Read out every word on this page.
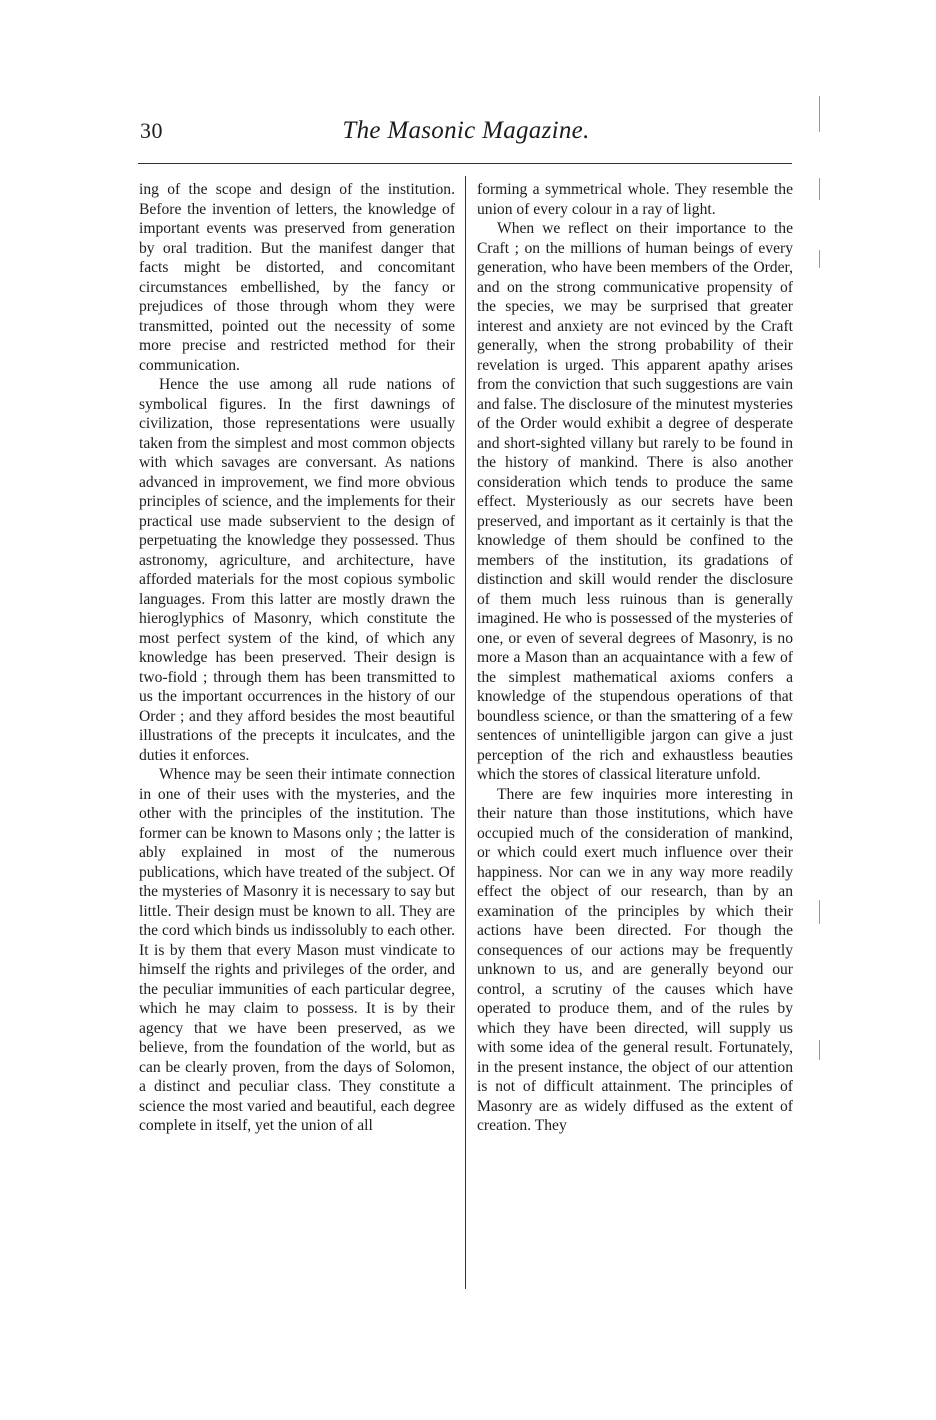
30	The Masonic Magazine.

ing of the scope and design of the institution. Before the invention of letters, the knowledge of important events was preserved from generation by oral tradition. But the manifest danger that facts might be distorted, and concomitant circumstances embellished, by the fancy or prejudices of those through whom they were transmitted, pointed out the necessity of some more precise and restricted method for their communication.

Hence the use among all rude nations of symbolical figures. In the first dawnings of civilization, those representations were usually taken from the simplest and most common objects with which savages are conversant. As nations advanced in improvement, we find more obvious principles of science, and the implements for their practical use made subservient to the design of perpetuating the knowledge they possessed. Thus astronomy, agriculture, and architecture, have afforded materials for the most copious symbolic languages. From this latter are mostly drawn the hieroglyphics of Masonry, which constitute the most perfect system of the kind, of which any knowledge has been preserved. Their design is two-fiold ; through them has been transmitted to us the important occurrences in the history of our Order ; and they afford besides the most beautiful illustrations of the precepts it inculcates, and the duties it enforces.

Whence may be seen their intimate connection in one of their uses with the mysteries, and the other with the principles of the institution. The former can be known to Masons only ; the latter is ably explained in most of the numerous publications, which have treated of the subject. Of the mysteries of Masonry it is necessary to say but little. Their design must be known to all. They are the cord which binds us indissolubly to each other. It is by them that every Mason must vindicate to himself the rights and privileges of the order, and the peculiar immunities of each particular degree, which he may claim to possess. It is by their agency that we have been preserved, as we believe, from the foundation of the world, but as can be clearly proven, from the days of Solomon, a distinct and peculiar class. They constitute a science the most varied and beautiful, each degree complete in itself, yet the union of all

forming a symmetrical whole. They resemble the union of every colour in a ray of light.

When we reflect on their importance to the Craft ; on the millions of human beings of every generation, who have been members of the Order, and on the strong communicative propensity of the species, we may be surprised that greater interest and anxiety are not evinced by the Craft generally, when the strong probability of their revelation is urged. This apparent apathy arises from the conviction that such suggestions are vain and false. The disclosure of the minutest mysteries of the Order would exhibit a degree of desperate and short-sighted villany but rarely to be found in the history of mankind. There is also another consideration which tends to produce the same effect. Mysteriously as our secrets have been preserved, and important as it certainly is that the knowledge of them should be confined to the members of the institution, its gradations of distinction and skill would render the disclosure of them much less ruinous than is generally imagined. He who is possessed of the mysteries of one, or even of several degrees of Masonry, is no more a Mason than an acquaintance with a few of the simplest mathematical axioms confers a knowledge of the stupendous operations of that boundless science, or than the smattering of a few sentences of unintelligible jargon can give a just perception of the rich and exhaustless beauties which the stores of classical literature unfold.

There are few inquiries more interesting in their nature than those institutions, which have occupied much of the consideration of mankind, or which could exert much influence over their happiness. Nor can we in any way more readily effect the object of our research, than by an examination of the principles by which their actions have been directed. For though the consequences of our actions may be frequently unknown to us, and are generally beyond our control, a scrutiny of the causes which have operated to produce them, and of the rules by which they have been directed, will supply us with some idea of the general result. Fortunately, in the present instance, the object of our attention is not of difficult attainment. The principles of Masonry are as widely diffused as the extent of creation. They
